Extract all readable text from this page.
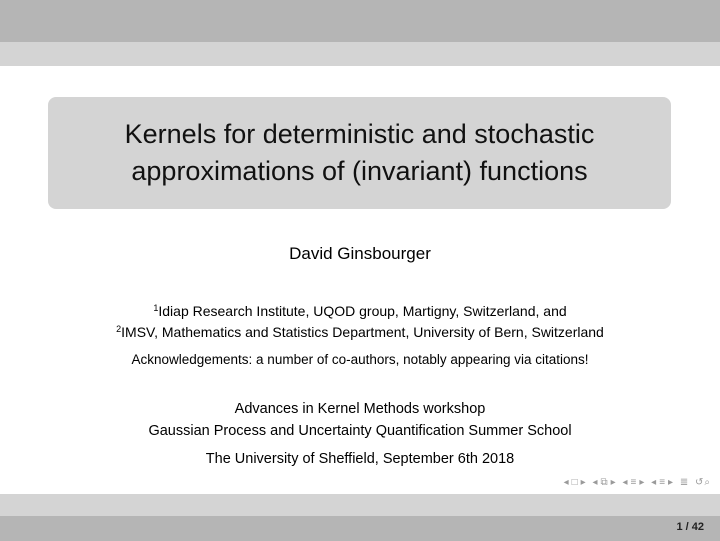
Kernels for deterministic and stochastic
approximations of (invariant) functions
David Ginsbourger
$^1$Idiap Research Institute, UQOD group, Martigny, Switzerland, and
$^2$IMSV, Mathematics and Statistics Department, University of Bern, Switzerland
Acknowledgements: a number of co-authors, notably appearing via citations!
Advances in Kernel Methods workshop
Gaussian Process and Uncertainty Quantification Summer School
The University of Sheffield, September 6th 2018
◂ □ ▸ ◂ ⧉ ▸ ◂ ≡ ▸ ◂ ≡ ▸ ≣ ↺⌕
1 / 42
